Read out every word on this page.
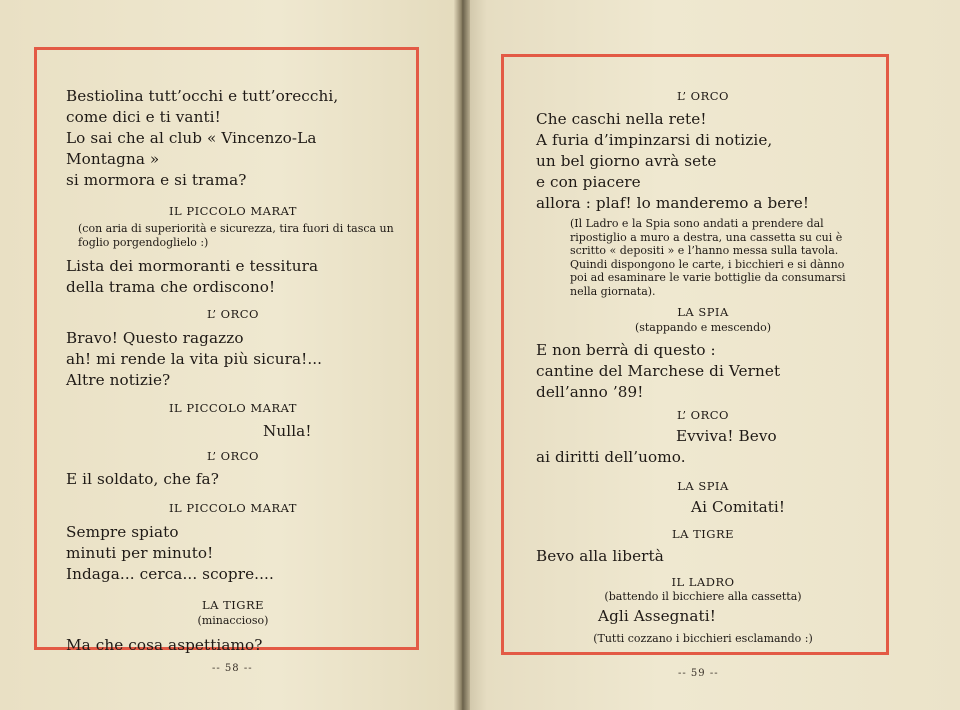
Bestiolina tutt’occhi e tutt’orecchi,
come dici e ti vanti!
Lo sai che al club « Vincenzo-La Montagna »
si mormora e si trama?

IL PICCOLO MARAT

(con aria di superiorità e sicurezza, tira fuori di tasca un foglio porgendoglielo :)

Lista dei mormoranti e tessitura
della trama che ordiscono!

L’ ORCO

Bravo! Questo ragazzo
ah! mi rende la vita più sicura!...
Altre notizie?

IL PICCOLO MARAT

Nulla!

L’ ORCO

E il soldato, che fa?

IL PICCOLO MARAT

Sempre spiato
minuti per minuto!
Indaga... cerca... scopre....

LA TIGRE

(minaccioso)

Ma che cosa aspettiamo?

L’ ORCO

Che caschi nella rete!
A furia d’impinzarsi di notizie,
un bel giorno avrà sete
e con piacere
allora : plaf! lo manderemo a bere!

(Il Ladro e la Spia sono andati a prendere dal ripostiglio a muro a destra, una cassetta su cui è scritto « depositi » e l’hanno messa sulla tavola. Quindi dispongono le carte, i bicchieri e si dànno poi ad esaminare le varie bottiglie da consumarsi nella giornata).

LA SPIA

(stappando e mescendo)

E non berrà di questo :
cantine del Marchese di Vernet
dell’anno ’89!

L’ ORCO

Evviva! Bevo

ai diritti dell’uomo.

LA SPIA

Ai Comitati!

LA TIGRE

Bevo alla libertà

IL LADRO

(battendo il bicchiere alla cassetta)

Agli Assegnati!

(Tutti cozzano i bicchieri esclamando :)

-- 58 --	-- 59 --
